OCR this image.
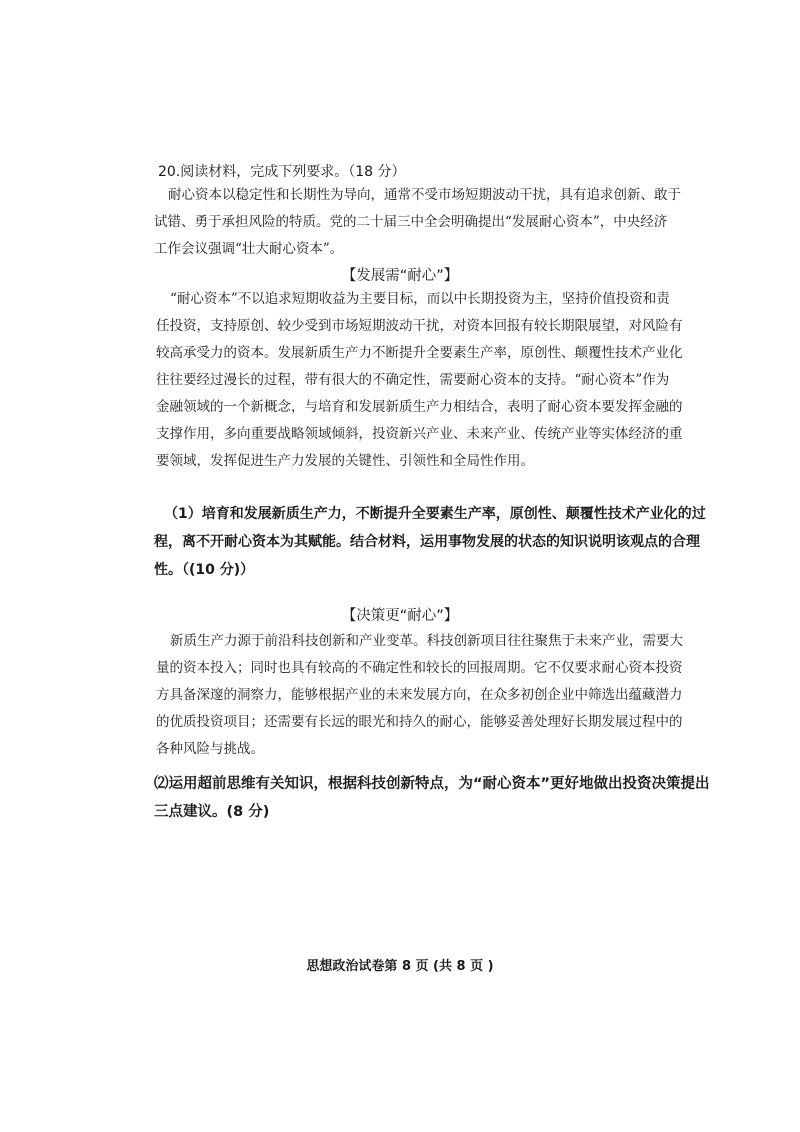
20.阅读材料，完成下列要求。（18 分）
耐心资本以稳定性和长期性为导向，通常不受市场短期波动干扰，具有追求创新、敢于
试错、勇于承担风险的特质。党的二十届三中全会明确提出“发展耐心资本”，中央经济
工作会议强调“壮大耐心资本”。
【发展需“耐心”】
“耐心资本”不以追求短期收益为主要目标，而以中长期投资为主，坚持价值投资和责
任投资，支持原创、较少受到市场短期波动干扰，对资本回报有较长期限展望，对风险有
较高承受力的资本。发展新质生产力不断提升全要素生产率，原创性、颠覆性技术产业化
往往要经过漫长的过程，带有很大的不确定性，需要耐心资本的支持。“耐心资本”作为
金融领域的一个新概念，与培育和发展新质生产力相结合，表明了耐心资本要发挥金融的
支撑作用，多向重要战略领域倾斜，投资新兴产业、未来产业、传统产业等实体经济的重
要领域，发挥促进生产力发展的关键性、引领性和全局性作用。
（1）培育和发展新质生产力，不断提升全要素生产率，原创性、颠覆性技术产业化的过
程，离不开耐心资本为其赋能。结合材料，运用事物发展的状态的知识说明该观点的合理
性。（(10 分)）
【决策更“耐心”】
新质生产力源于前沿科技创新和产业变革。科技创新项目往往聚焦于未来产业，需要大
量的资本投入；同时也具有较高的不确定性和较长的回报周期。它不仅要求耐心资本投资
方具备深邃的洞察力，能够根据产业的未来发展方向，在众多初创企业中筛选出蕴藏潜力
的优质投资项目；还需要有长远的眼光和持久的耐心，能够妥善处理好长期发展过程中的
各种风险与挑战。
⑵运用超前思维有关知识，根据科技创新特点，为“耐心资本”更好地做出投资决策提出
三点建议。(8 分)
思想政治试卷第 8 页 (共 8 页 )
